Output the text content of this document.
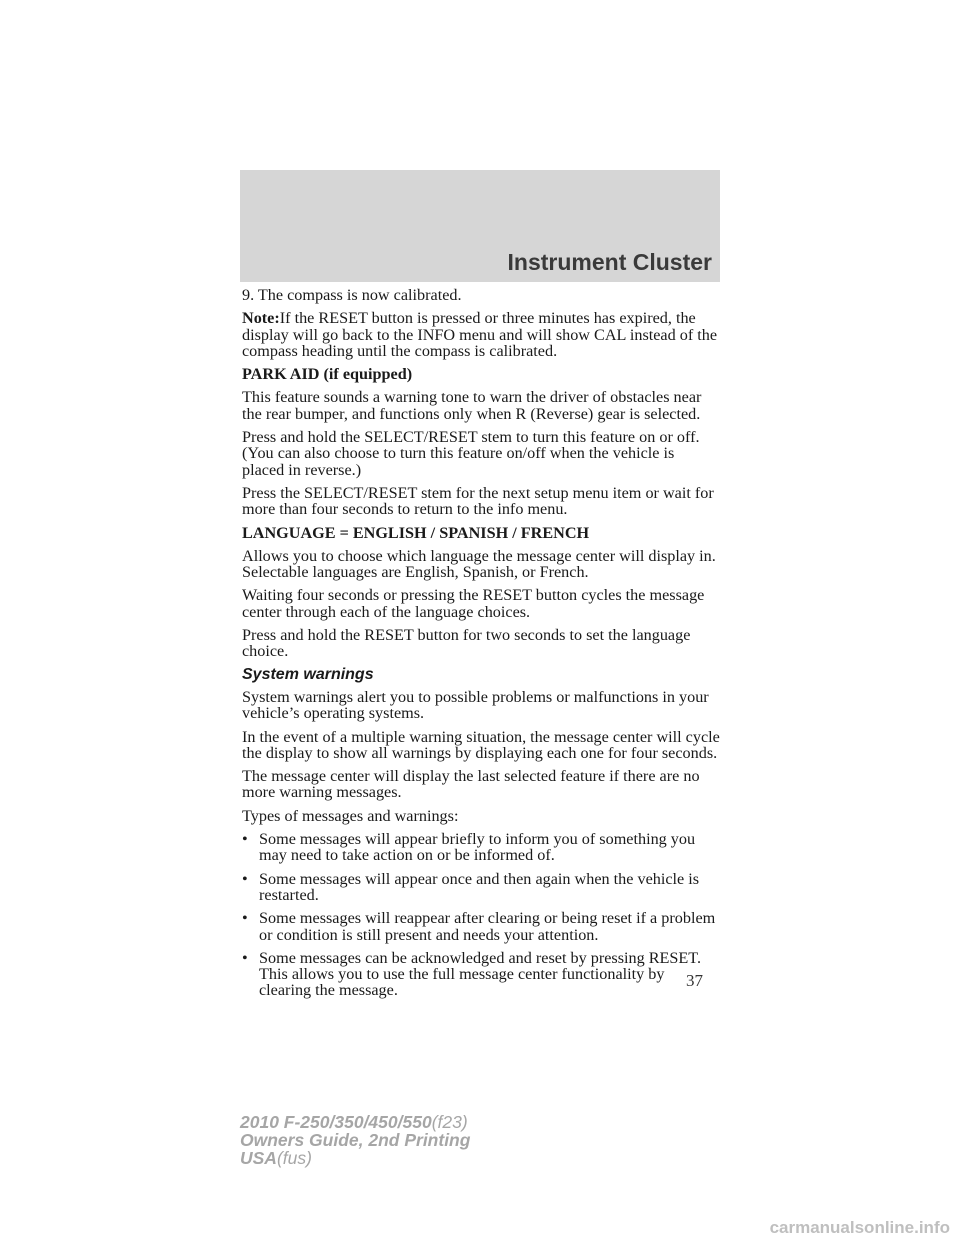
Instrument Cluster

9. The compass is now calibrated.

Note:If the RESET button is pressed or three minutes has expired, the display will go back to the INFO menu and will show CAL instead of the compass heading until the compass is calibrated.

PARK AID (if equipped)

This feature sounds a warning tone to warn the driver of obstacles near the rear bumper, and functions only when R (Reverse) gear is selected.

Press and hold the SELECT/RESET stem to turn this feature on or off. (You can also choose to turn this feature on/off when the vehicle is placed in reverse.)

Press the SELECT/RESET stem for the next setup menu item or wait for more than four seconds to return to the info menu.

LANGUAGE = ENGLISH / SPANISH / FRENCH

Allows you to choose which language the message center will display in. Selectable languages are English, Spanish, or French.

Waiting four seconds or pressing the RESET button cycles the message center through each of the language choices.

Press and hold the RESET button for two seconds to set the language choice.

System warnings

System warnings alert you to possible problems or malfunctions in your vehicle’s operating systems.

In the event of a multiple warning situation, the message center will cycle the display to show all warnings by displaying each one for four seconds.

The message center will display the last selected feature if there are no more warning messages.

Types of messages and warnings:

• Some messages will appear briefly to inform you of something you may need to take action on or be informed of.
• Some messages will appear once and then again when the vehicle is restarted.
• Some messages will reappear after clearing or being reset if a problem or condition is still present and needs your attention.
• Some messages can be acknowledged and reset by pressing RESET. This allows you to use the full message center functionality by clearing the message.
37
2010 F-250/350/450/550(f23)
Owners Guide, 2nd Printing
USA(fus)
carmanualsonline.info
